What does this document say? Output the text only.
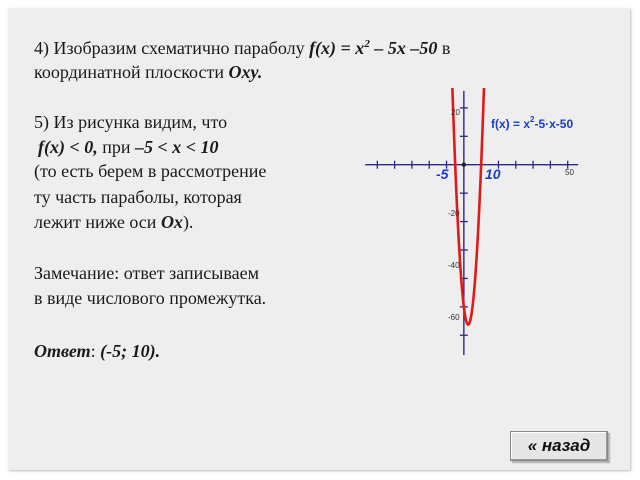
4) Изобразим схематично параболу $f(x) = x^2 - 5x$ –50 в
координатной плоскости Oxy.
5) Из рисунка видим, что
f(x) < 0, при –5 < x < 10
(то есть берем в рассмотрение
ту часть параболы, которая
лежит ниже оси Ox).
Замечание: ответ записываем
в виде числового промежутка.
Ответ: (-5; 10).
$f(x) = x^2-5\cdot x-50$
-5	10	50
20
-20
-40
-60
« назад
